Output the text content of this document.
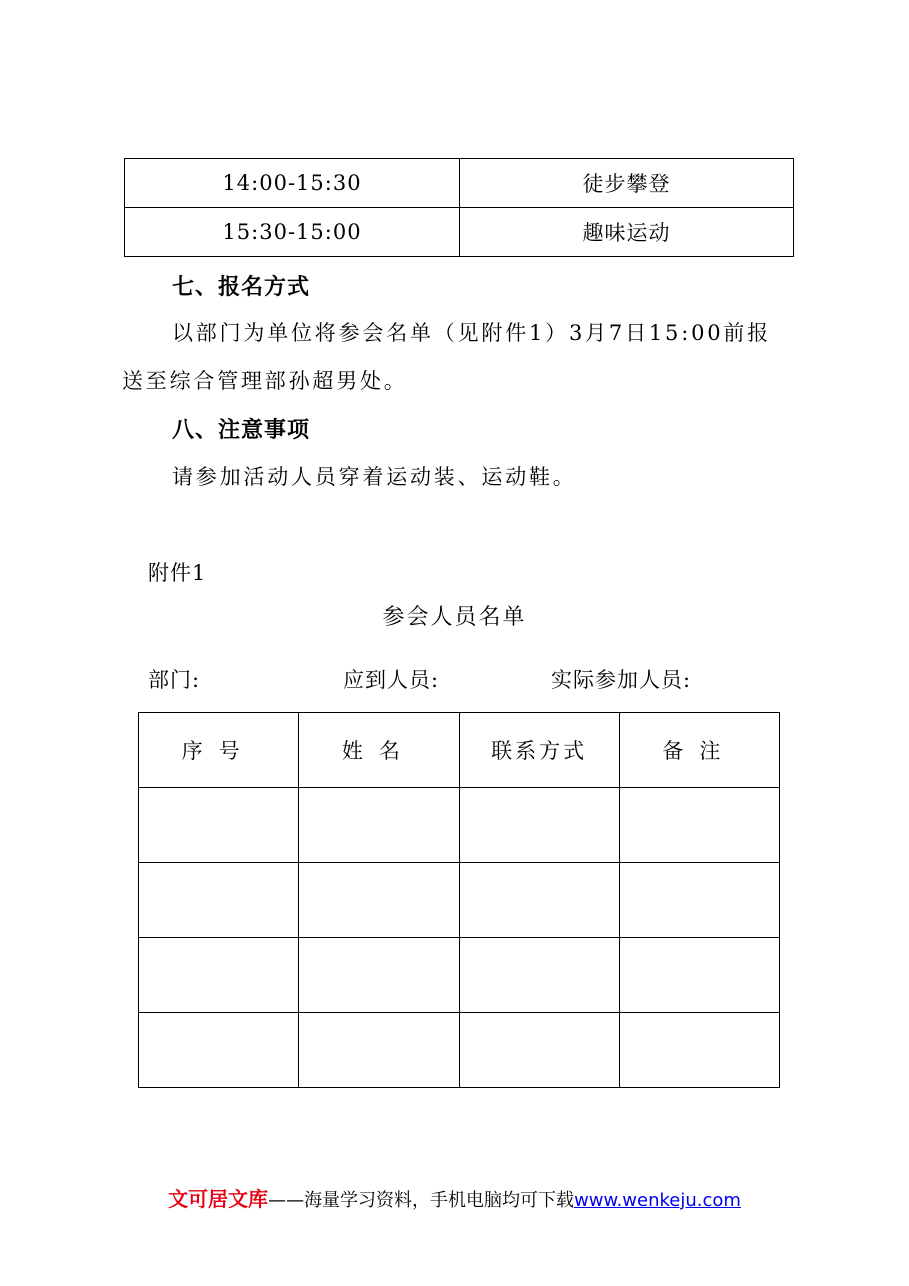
14:00-15:30	徒步攀登
15:30-15:00	趣味运动
七、报名方式
以部门为单位将参会名单（见附件1）3月7日15:00前报
送至综合管理部孙超男处。
八、注意事项
请参加活动人员穿着运动装、运动鞋。
附件1
参会人员名单
部门:	应到人员:	实际参加人员:
序号	姓名	联系方式	备注

文可居文库——海量学习资料，手机电脑均可下载www.wenkeju.com
